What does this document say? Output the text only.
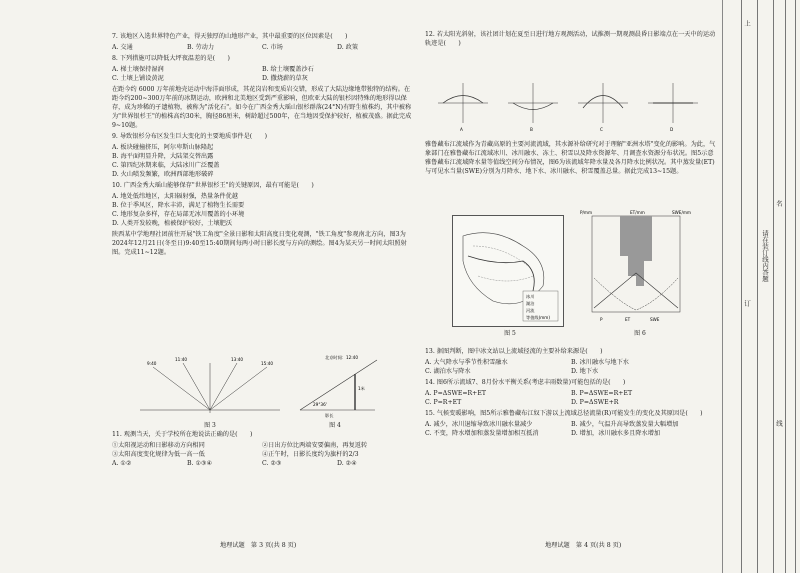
7. 该地区入选世界特色产业，得天独厚的山地形产业，其中最重要的区位因素是(　　)

A. 交通	B. 劳动力	C. 市场	D. 政策

8. 下列措施可以降低大坪夜温差的是(　　)

A. 梯土壤保持湿润	B. 给土壤覆盖沙石
C. 土壤上铺设黄泥	D. 撒烧薪的草灰

在距今约 6000 万年前地壳运动中海洋面形成，其花岗岩和变质岩交错，形成了大陆边缘地带独特的结构。在距今约200~300万年前的冰期运动，欧洲和北美地区受到严重影响，但欧亚大陆的银杉因特殊的地形得以保存，成为珍稀的孑遗植物，被称为"活化石"。如今在广西金秀大瑶山银杉群落(24°N)有野生植株约，其中被称为"世界银杉王"的植株高约30米，胸径86厘米，树龄超过500年，在当地因受保护较好，植被茂盛。据此完成9~10题。

9. 导致银杉分布区发生巨大变化的主要地质事件是(　　)

A. 板块碰撞挤压，阿尔卑斯山脉隆起
B. 海平面明显升降，大陆架交替出露
C. 第四纪冰期来临，大陆冰川广泛覆盖
D. 火山喷发频繁，欧洲西部地形破碎

10. 广西金秀大瑶山能够保存"世界银杉王"的关键原因，最有可能是(　　)

A. 地处低纬地区，太阳辐射强，热量条件优越
B. 位于季风区，降水丰沛，满足了植物生长需要
C. 地形复杂多样，存在局部无冰川覆盖的小环境
D. 人类开发较晚，植被保护较好，土壤肥沃

陕西某中学地理社团前往开展"铁工角度"全景日影和太阳高度日变化观测，"铁工角度"参观南北方向，图3为2024年12月21日(冬至日)9:40至15:40期间每两小时日影长度与方向的测绘。图4为某天另一时间太阳照射图。完成11~12题。

9:40
11:40	13:40
15:40
图 3
北京时间：12:40
1米
29°36'
影长
图 4

11. 观测当天，关于学校所在地说法正确的是(　　)

①太阳视运动和日影移动方向相同	②日出方位比两端安要偏南，再复返转
③太阳高度变化规律为低一高一低	④正午时，日影长度约为旗杆的2/3
A. ①②	B. ①③④	C. ②③	D. ②④
地理试题　第 3 页(共 8 页)

12. 若太阳光斜射，该社团计划在夏至日进行地方观测活动，试推测一期观测晨昏日影端点在一天中的运动轨迹是(　　)

A	B	C	D

雅鲁藏布江流域作为青藏高原的主要河流流域，其水源补给研究对于理解"亚洲水塔"变化的影响。为此，气象部门在雅鲁藏布江流域冰川、冰川融水、冻土、积雪以及降水资源年、月调查水资源分布状况。图5示意雅鲁藏布江流域降水量等值线空间分布情况，图6为该流域年降水量及各月降水比例状况。其中蒸发量(ET)与可见水当量(SWE)分别为月降水、地下水、冰川融水、积雪覆盖总量。据此完成13~15题。

冰川
湖泊
河流
等值线(mm)
图 5
P/mm	ET/mm	SWE/mm
P	ET	SWE
图 6

13. 据图判断，图中冰文站以上流域径流的主要补给来源是(　　)

A. 大气降水与季节性积雪融水	B. 冰川融水与地下水
C. 湖泊水与降水	D. 地下水

14. 图6所示流域7、8月份水平衡关系(考虑丰雨数量)可能包括的是(　　)

A. P=ΔSWE=R+ET	B. P=ΔSWE=R+ET
C. P=R+ET	D. P=ΔSWE+R

15. 气候变暖影响，图5所示雅鲁藏布江奴下游以上流域总径流量(R)可能发生的变化及其原因是(　　)

A. 减少，冰川退缩导致冰川融水量减少	B. 减少，气温升高导致蒸发量大幅增加
C. 不变，降水增加和蒸发量增加相互抵消	D. 增加，冰川融水多且降水增加
地理试题　第 4 页(共 8 页)
上
名
订
线
请在装订线内答题
